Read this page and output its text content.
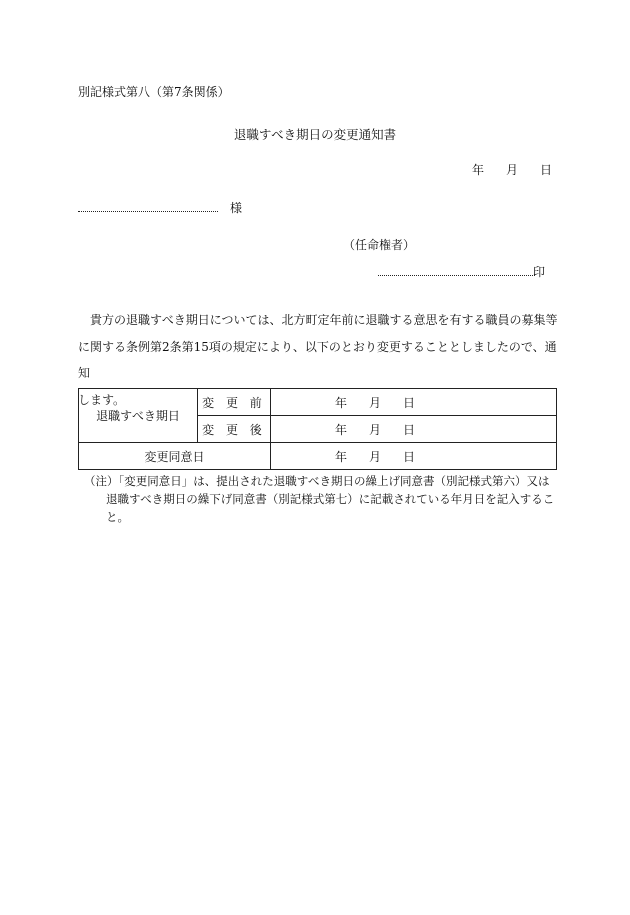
別記様式第八（第7条関係）
退職すべき期日の変更通知書
年 月 日
様
（任命権者）
印

貴方の退職すべき期日については、北方町定年前に退職する意思を有する職員の募集等

に関する条例第2条第15項の規定により、以下のとおり変更することとしましたので、通知

します。

退職すべき期日	変 更 前	年 月 日
	変 更 後	年 月 日
変更同意日		年 月 日
（注）「変更同意日」は、提出された退職すべき期日の繰上げ同意書（別記様式第六）又は
退職すべき期日の繰下げ同意書（別記様式第七）に記載されている年月日を記入するこ
と。
